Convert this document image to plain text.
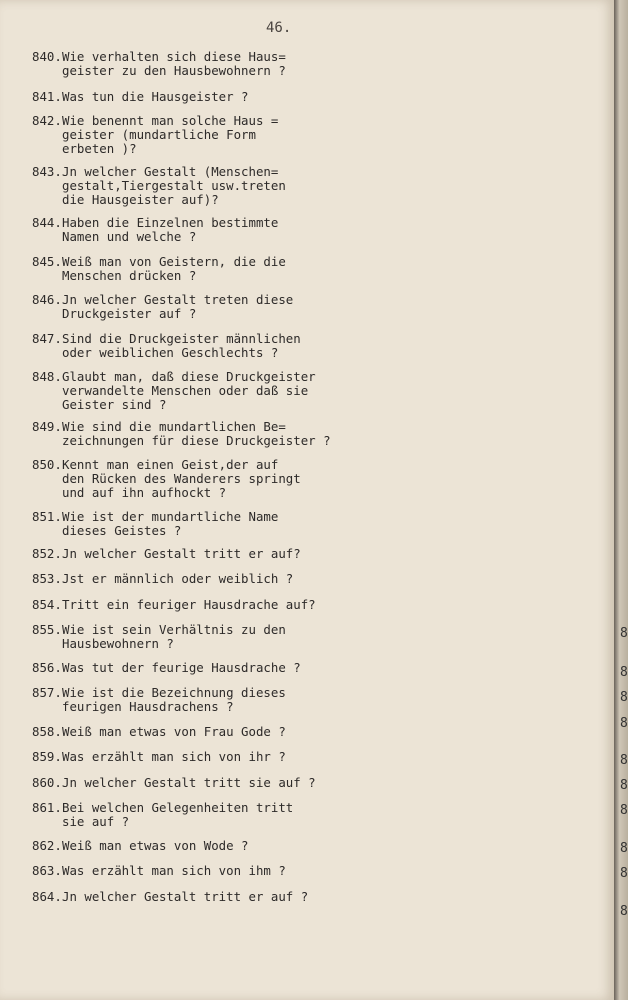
46.
840. Wie verhalten sich diese Haus=
geister zu den Hausbewohnern ?
841. Was tun die Hausgeister ?
842. Wie benennt man solche Haus =
geister (mundartliche Form
erbeten )?
843. Jn welcher Gestalt (Menschen=
gestalt,Tiergestalt usw.treten
die Hausgeister auf)?
844. Haben die Einzelnen bestimmte
Namen und welche ?
845. Weiß man von Geistern, die die
Menschen drücken ?
846. Jn welcher Gestalt treten diese
Druckgeister auf ?
847. Sind die Druckgeister männlichen
oder weiblichen Geschlechts ?
848. Glaubt man, daß diese Druckgeister
verwandelte Menschen oder daß sie
Geister sind ?
849. Wie sind die mundartlichen Be=
zeichnungen für diese Druckgeister ?
850. Kennt man einen Geist,der auf
den Rücken des Wanderers springt
und auf ihn aufhockt ?
851. Wie ist der mundartliche Name
dieses Geistes ?
852. Jn welcher Gestalt tritt er auf?
853. Jst er männlich oder weiblich ?
854. Tritt ein feuriger Hausdrache auf?
855. Wie ist sein Verhältnis zu den
Hausbewohnern ?
856. Was tut der feurige Hausdrache ?
857. Wie ist die Bezeichnung dieses
feurigen Hausdrachens ?
858. Weiß man etwas von Frau Gode ?
859. Was erzählt man sich von ihr ?
860. Jn welcher Gestalt tritt sie auf ?
861. Bei welchen Gelegenheiten tritt
sie auf ?
862. Weiß man etwas von Wode ?
863. Was erzählt man sich von ihm ?
864. Jn welcher Gestalt tritt er auf ?
8
8
8
8
8
8
8
8
8
8
